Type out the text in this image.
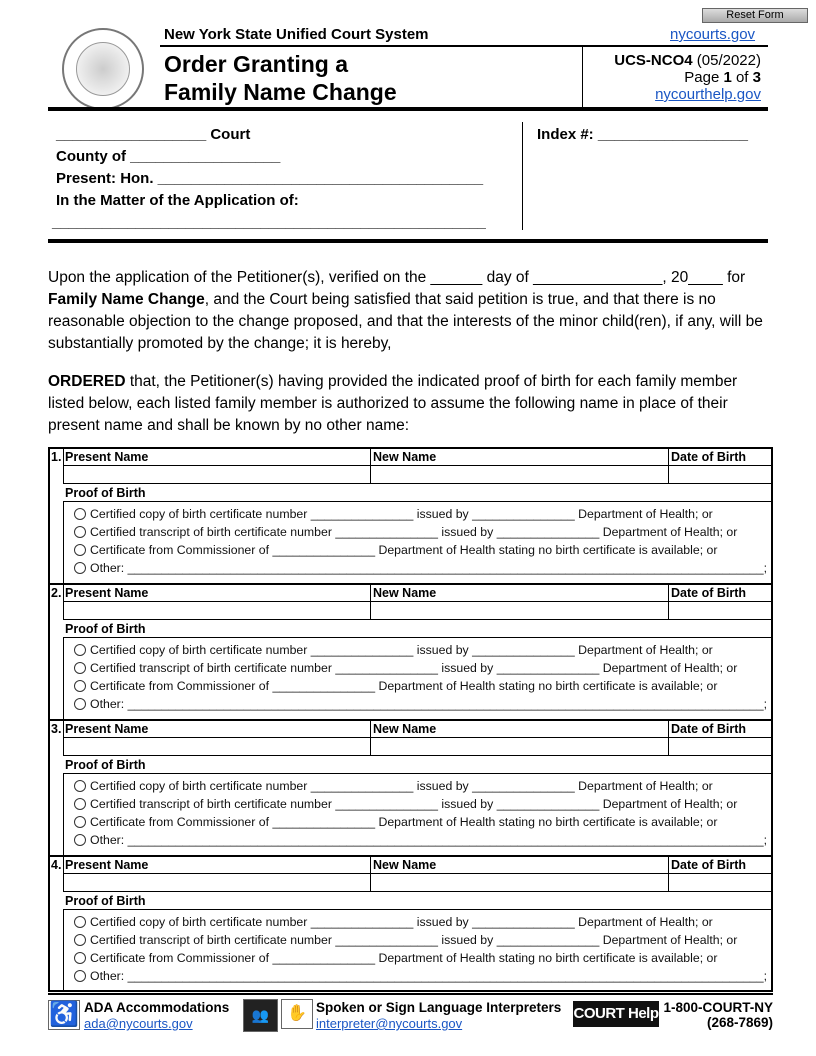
Reset Form
New York State Unified Court System	nycourts.gov
Order Granting a
Family Name Change
UCS-NCO4 (05/2022)
Page 1 of 3
nycourthelp.gov
__________________ Court
County of __________________
Present: Hon. _______________________________________
In the Matter of the Application of:
____________________________________________________
Index #: __________________
Upon the application of the Petitioner(s), verified on the ______ day of _______________, 20____ for Family Name Change, and the Court being satisfied that said petition is true, and that there is no reasonable objection to the change proposed, and that the interests of the minor child(ren), if any, will be substantially promoted by the change; it is hereby,
ORDERED that, the Petitioner(s) having provided the indicated proof of birth for each family member listed below, each listed family member is authorized to assume the following name in place of their present name and shall be known by no other name:
1. Present Name	New Name	Date of Birth
Proof of Birth
Certified copy of birth certificate number _______________ issued by _______________ Department of Health; or
Certified transcript of birth certificate number _______________ issued by _______________ Department of Health; or
Certificate from Commissioner of _______________ Department of Health stating no birth certificate is available; or
Other: _____________________________________________________________________________________________;
2. Present Name	New Name	Date of Birth
Proof of Birth
Certified copy of birth certificate number _______________ issued by _______________ Department of Health; or
Certified transcript of birth certificate number _______________ issued by _______________ Department of Health; or
Certificate from Commissioner of _______________ Department of Health stating no birth certificate is available; or
Other: _____________________________________________________________________________________________;
3. Present Name	New Name	Date of Birth
Proof of Birth
Certified copy of birth certificate number _______________ issued by _______________ Department of Health; or
Certified transcript of birth certificate number _______________ issued by _______________ Department of Health; or
Certificate from Commissioner of _______________ Department of Health stating no birth certificate is available; or
Other: _____________________________________________________________________________________________;
4. Present Name	New Name	Date of Birth
Proof of Birth
Certified copy of birth certificate number _______________ issued by _______________ Department of Health; or
Certified transcript of birth certificate number _______________ issued by _______________ Department of Health; or
Certificate from Commissioner of _______________ Department of Health stating no birth certificate is available; or
Other: _____________________________________________________________________________________________;
♿ ADA Accommodations
ada@nycourts.gov
👥	✋ Spoken or Sign Language Interpreters
interpreter@nycourts.gov
COURT Help 1-800-COURT-NY
(268-7869)
